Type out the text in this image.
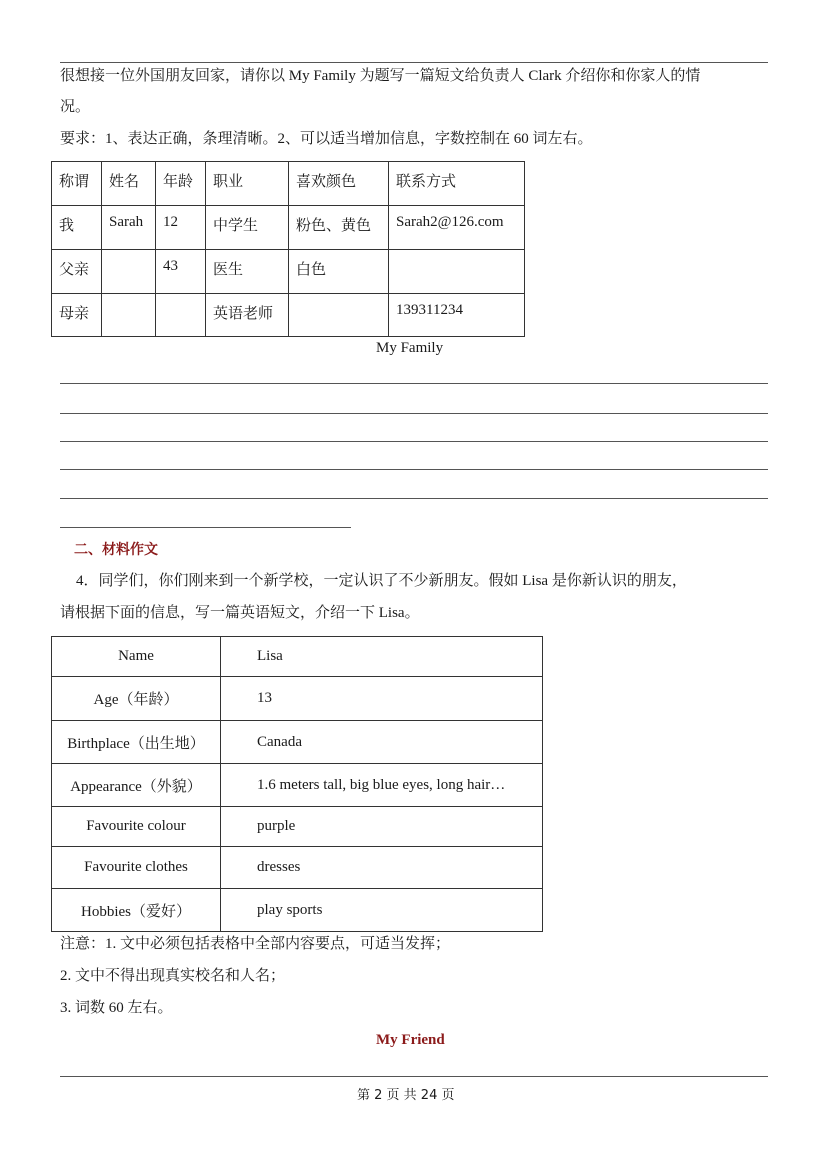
很想接一位外国朋友回家，请你以 My Family 为题写一篇短文给负责人 Clark 介绍你和你家人的情
况。
要求：1、表达正确，条理清晰。2、可以适当增加信息，字数控制在 60 词左右。
称谓	姓名	年龄	职业	喜欢颜色	联系方式
我	Sarah	12	中学生	粉色、黄色	Sarah2@126.com
父亲		43	医生	白色	
母亲			英语老师		139311234
My Family
二、材料作文
4．同学们，你们刚来到一个新学校，一定认识了不少新朋友。假如 Lisa 是你新认识的朋友，
请根据下面的信息，写一篇英语短文，介绍一下 Lisa。
Name	Lisa
Age（年龄）	13
Birthplace（出生地）	Canada
Appearance（外貌）	1.6 meters tall, big blue eyes, long hair…
Favourite colour	purple
Favourite clothes	dresses
Hobbies（爱好）	play sports
注意：1. 文中必须包括表格中全部内容要点，可适当发挥；
2. 文中不得出现真实校名和人名；
3. 词数 60 左右。
My Friend
第 2 页 共 24 页
